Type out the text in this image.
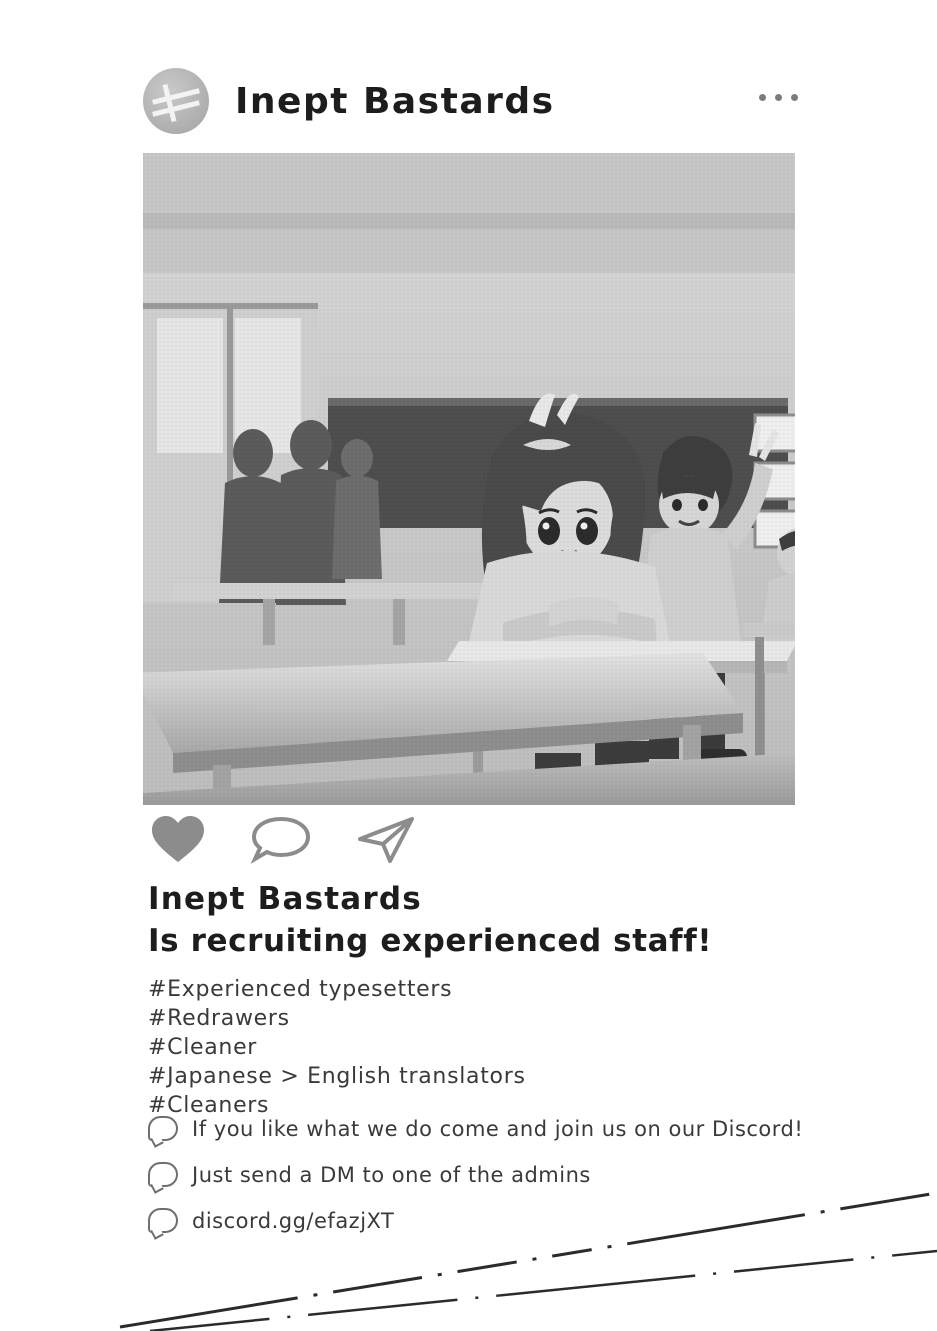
Inept Bastards
Inept Bastards
Is recruiting experienced staff!
#Experienced typesetters
#Redrawers
#Cleaner
#Japanese > English translators
#Cleaners
If you like what we do come and join us on our Discord!
Just send a DM to one of the admins
discord.gg/efazjXT
